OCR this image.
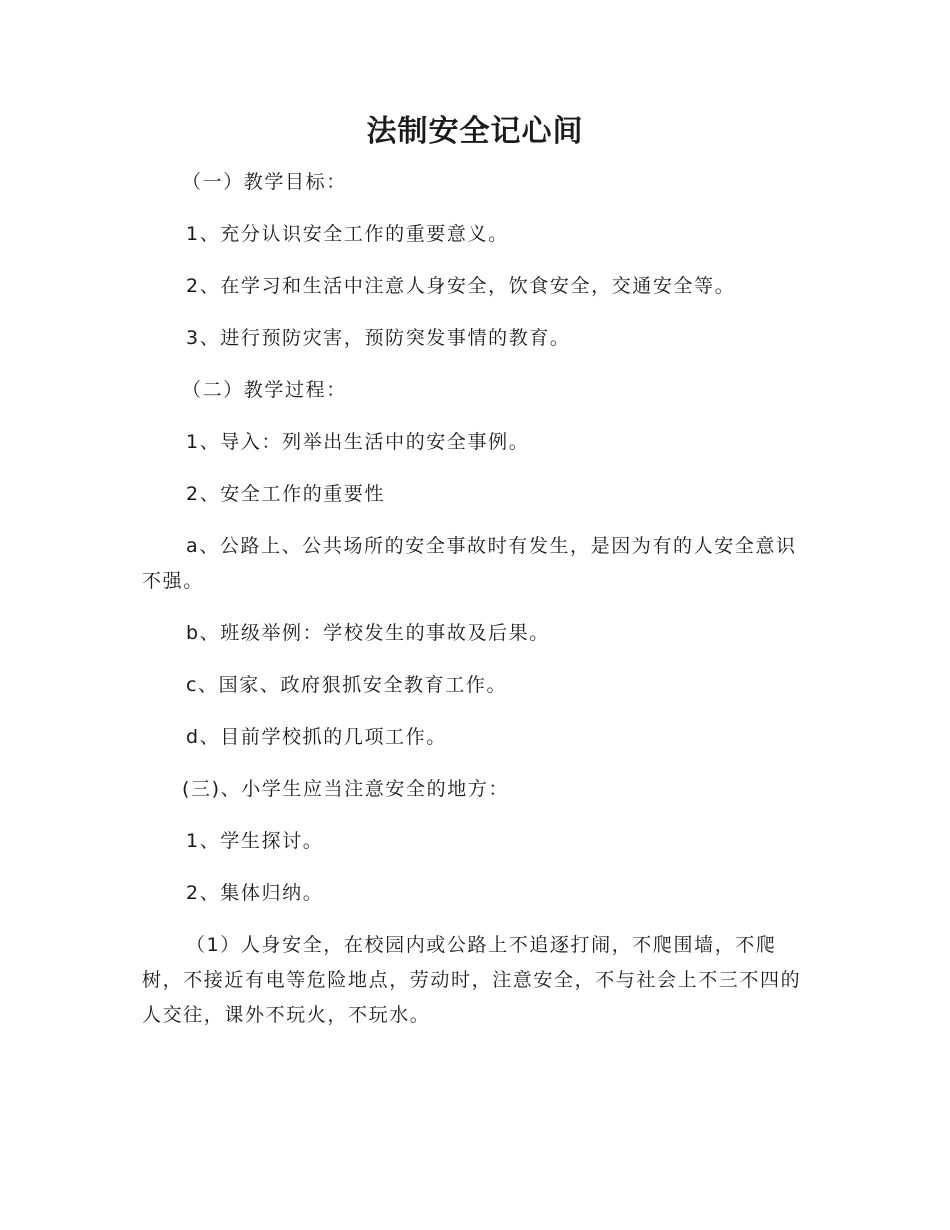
法制安全记心间

（一）教学目标：

1、充分认识安全工作的重要意义。

2、在学习和生活中注意人身安全，饮食安全，交通安全等。

3、进行预防灾害，预防突发事情的教育。

（二）教学过程：

1、导入：列举出生活中的安全事例。

2、安全工作的重要性

a、公路上、公共场所的安全事故时有发生，是因为有的人安全意识不强。

b、班级举例：学校发生的事故及后果。

c、国家、政府狠抓安全教育工作。

d、目前学校抓的几项工作。

(三)、小学生应当注意安全的地方：

1、学生探讨。

2、集体归纳。

（1）人身安全，在校园内或公路上不追逐打闹，不爬围墙，不爬树，不接近有电等危险地点，劳动时，注意安全，不与社会上不三不四的人交往，课外不玩火，不玩水。
